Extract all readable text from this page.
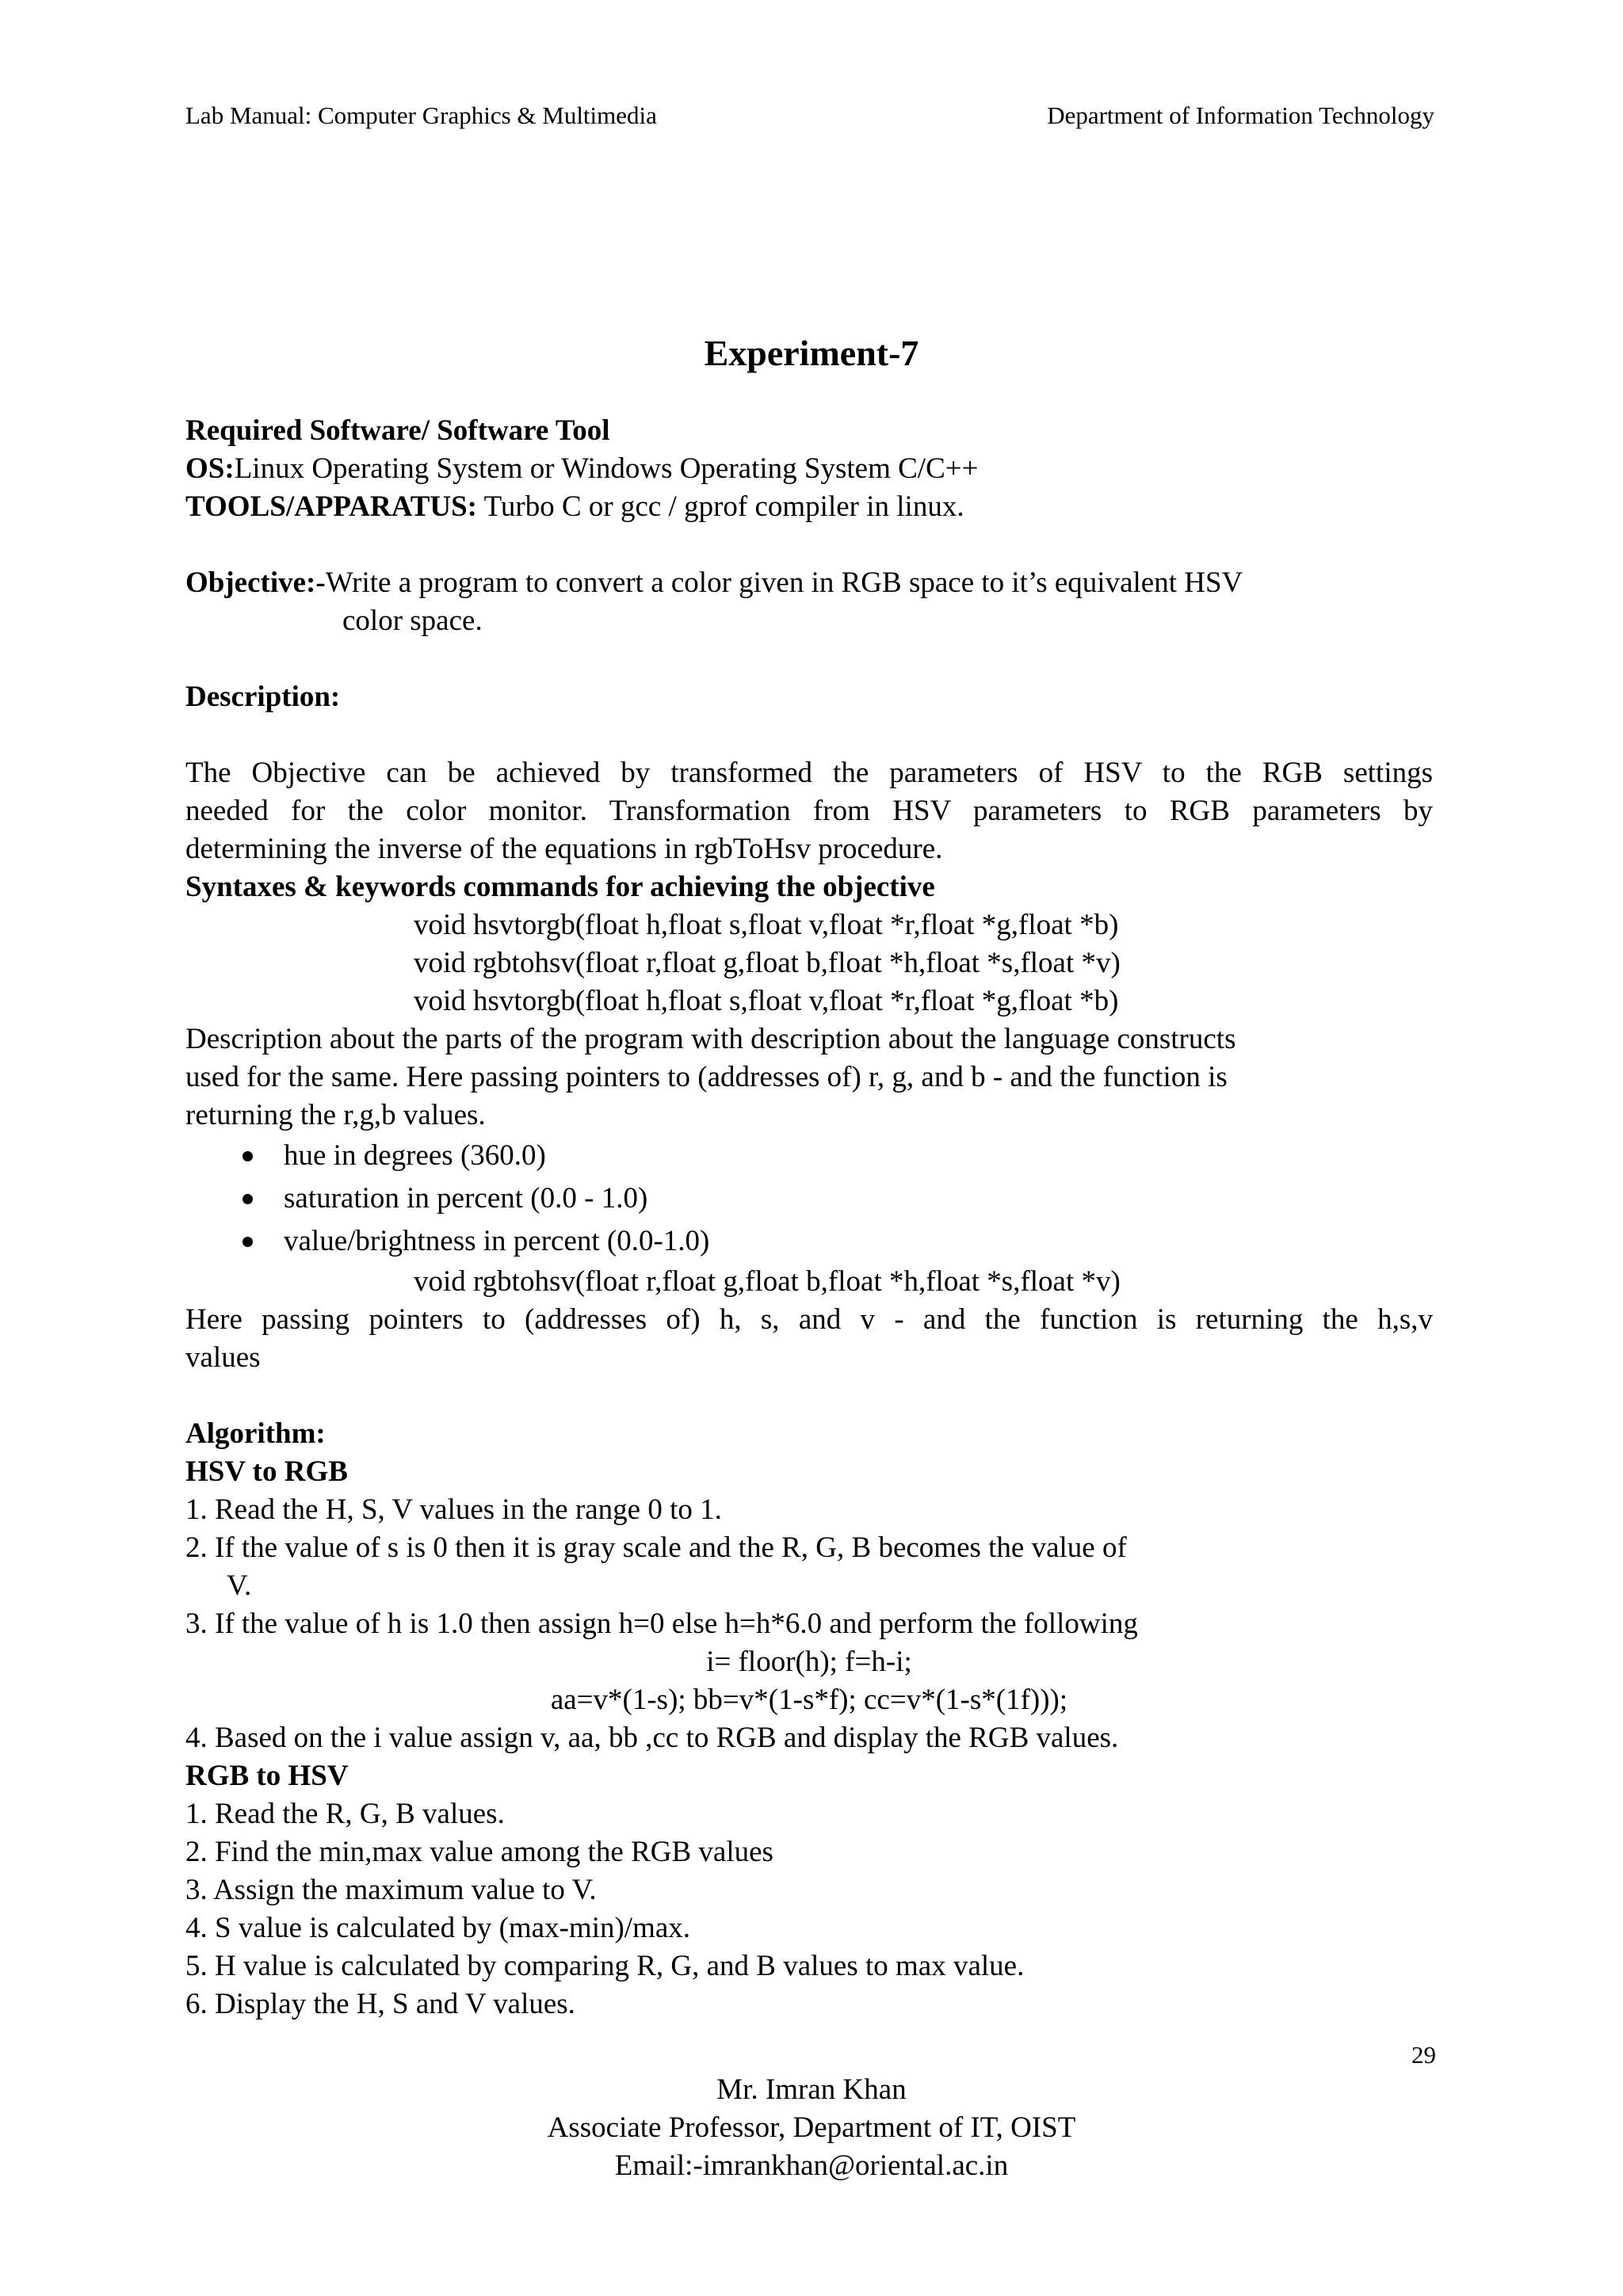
Lab Manual: Computer Graphics & Multimedia	Department of Information Technology
Experiment-7
Required Software/ Software Tool
OS:Linux Operating System or Windows Operating System C/C++
TOOLS/APPARATUS: Turbo C or gcc / gprof compiler in linux.
Objective:-Write a program to convert a color given in RGB space to it’s equivalent HSV
color space.
Description:
The Objective can be achieved by transformed the parameters of HSV to the RGB settings
needed for the color monitor. Transformation from HSV parameters to RGB parameters by
determining the inverse of the equations in rgbToHsv procedure.
Syntaxes & keywords commands for achieving the objective
void hsvtorgb(float h,float s,float v,float *r,float *g,float *b)
void rgbtohsv(float r,float g,float b,float *h,float *s,float *v)
void hsvtorgb(float h,float s,float v,float *r,float *g,float *b)
Description about the parts of the program with description about the language constructs
used for the same. Here passing pointers to (addresses of) r, g, and b - and the function is
returning the r,g,b values.
hue in degrees (360.0)
saturation in percent (0.0 - 1.0)
value/brightness in percent (0.0-1.0)
void rgbtohsv(float r,float g,float b,float *h,float *s,float *v)
Here passing pointers to (addresses of) h, s, and v - and the function is returning the h,s,v
values
Algorithm:
HSV to RGB
1. Read the H, S, V values in the range 0 to 1.
2. If the value of s is 0 then it is gray scale and the R, G, B becomes the value of
V.
3. If the value of h is 1.0 then assign h=0 else h=h*6.0 and perform the following
i= floor(h); f=h-i;
aa=v*(1-s); bb=v*(1-s*f); cc=v*(1-s*(1f)));
4. Based on the i value assign v, aa, bb ,cc to RGB and display the RGB values.
RGB to HSV
1. Read the R, G, B values.
2. Find the min,max value among the RGB values
3. Assign the maximum value to V.
4. S value is calculated by (max-min)/max.
5. H value is calculated by comparing R, G, and B values to max value.
6. Display the H, S and V values.
29
Mr. Imran Khan
Associate Professor, Department of IT, OIST
Email:-imrankhan@oriental.ac.in
